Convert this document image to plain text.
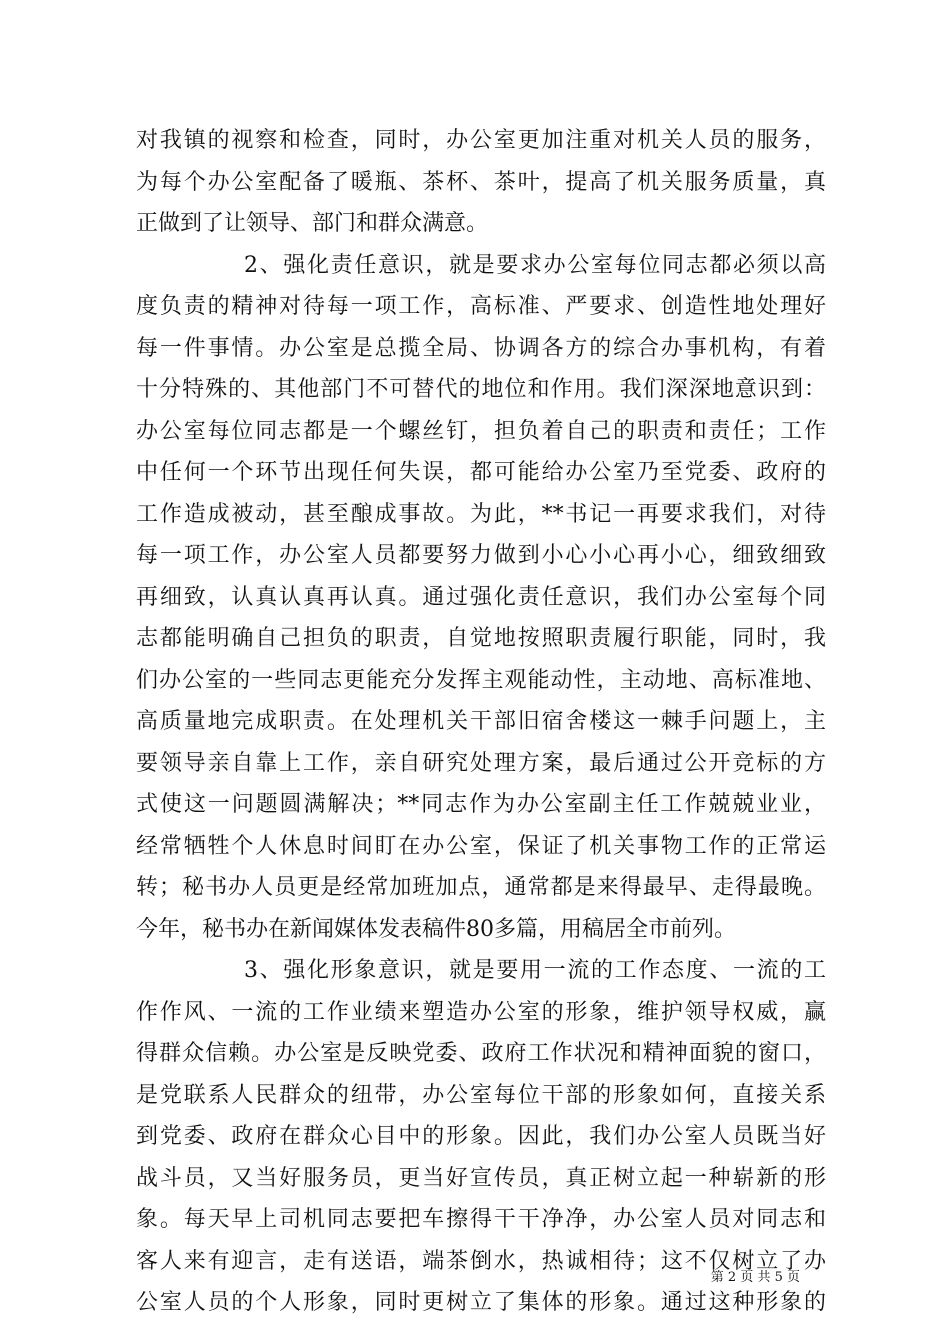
对我镇的视察和检查，同时，办公室更加注重对机关人员的服务，
为每个办公室配备了暖瓶、茶杯、茶叶，提高了机关服务质量，真
正做到了让领导、部门和群众满意。
2、强化责任意识，就是要求办公室每位同志都必须以高
度负责的精神对待每一项工作，高标准、严要求、创造性地处理好
每一件事情。办公室是总揽全局、协调各方的综合办事机构，有着
十分特殊的、其他部门不可替代的地位和作用。我们深深地意识到：
办公室每位同志都是一个螺丝钉，担负着自己的职责和责任；工作
中任何一个环节出现任何失误，都可能给办公室乃至党委、政府的
工作造成被动，甚至酿成事故。为此，**书记一再要求我们，对待
每一项工作，办公室人员都要努力做到小心小心再小心，细致细致
再细致，认真认真再认真。通过强化责任意识，我们办公室每个同
志都能明确自己担负的职责，自觉地按照职责履行职能，同时，我
们办公室的一些同志更能充分发挥主观能动性，主动地、高标准地、
高质量地完成职责。在处理机关干部旧宿舍楼这一棘手问题上，主
要领导亲自靠上工作，亲自研究处理方案，最后通过公开竞标的方
式使这一问题圆满解决；**同志作为办公室副主任工作兢兢业业，
经常牺牲个人休息时间盯在办公室，保证了机关事物工作的正常运
转；秘书办人员更是经常加班加点，通常都是来得最早、走得最晚。
今年，秘书办在新闻媒体发表稿件80多篇，用稿居全市前列。
3、强化形象意识，就是要用一流的工作态度、一流的工
作作风、一流的工作业绩来塑造办公室的形象，维护领导权威，赢
得群众信赖。办公室是反映党委、政府工作状况和精神面貌的窗口，
是党联系人民群众的纽带，办公室每位干部的形象如何，直接关系
到党委、政府在群众心目中的形象。因此，我们办公室人员既当好
战斗员，又当好服务员，更当好宣传员，真正树立起一种崭新的形
象。每天早上司机同志要把车擦得干干净净，办公室人员对同志和
客人来有迎言，走有送语，端茶倒水，热诚相待；这不仅树立了办
公室人员的个人形象，同时更树立了集体的形象。通过这种形象的
第 2 页 共 5 页
